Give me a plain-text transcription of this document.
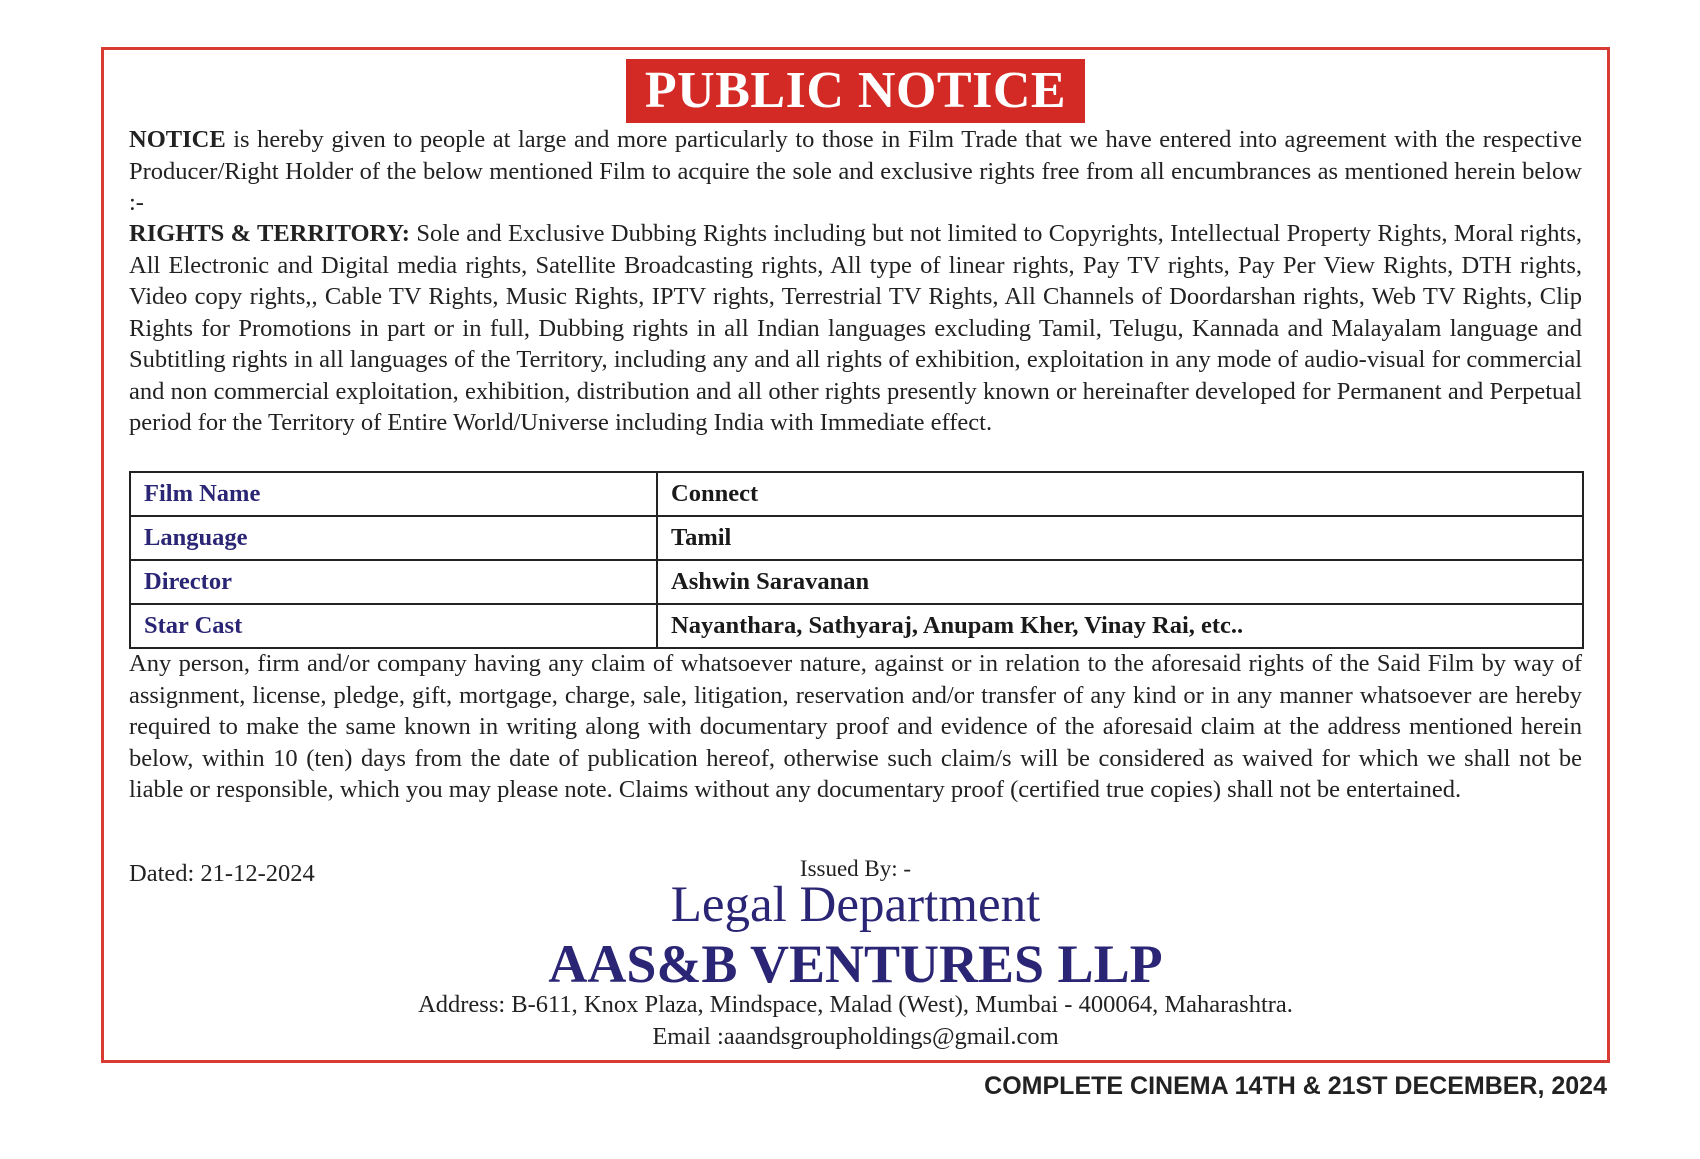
PUBLIC NOTICE

NOTICE is hereby given to people at large and more particularly to those in Film Trade that we have entered into agreement with the respective Producer/Right Holder of the below mentioned Film to acquire the sole and exclusive rights free from all encumbrances as mentioned herein below :-

RIGHTS & TERRITORY: Sole and Exclusive Dubbing Rights including but not limited to Copyrights, Intellectual Property Rights, Moral rights, All Electronic and Digital media rights, Satellite Broadcasting rights, All type of linear rights, Pay TV rights, Pay Per View Rights, DTH rights, Video copy rights,, Cable TV Rights, Music Rights, IPTV rights, Terrestrial TV Rights, All Channels of Doordarshan rights, Web TV Rights, Clip Rights for Promotions in part or in full, Dubbing rights in all Indian languages excluding Tamil, Telugu, Kannada and Malayalam language and Subtitling rights in all languages of the Territory, including any and all rights of exhibition, exploitation in any mode of audio-visual for commercial and non commercial exploitation, exhibition, distribution and all other rights presently known or hereinafter developed for Permanent and Perpetual period for the Territory of Entire World/Universe including India with Immediate effect.

Film Name	Connect
Language	Tamil
Director	Ashwin Saravanan
Star Cast	Nayanthara, Sathyaraj, Anupam Kher, Vinay Rai, etc..

Any person, firm and/or company having any claim of whatsoever nature, against or in relation to the aforesaid rights of the Said Film by way of assignment, license, pledge, gift, mortgage, charge, sale, litigation, reservation and/or transfer of any kind or in any manner whatsoever are hereby required to make the same known in writing along with documentary proof and evidence of the aforesaid claim at the address mentioned herein below, within 10 (ten) days from the date of publication hereof, otherwise such claim/s will be considered as waived for which we shall not be liable or responsible, which you may please note. Claims without any documentary proof (certified true copies) shall not be entertained.

Dated: 21-12-2024	Issued By: -
Legal Department
AAS&B VENTURES LLP
Address: B-611, Knox Plaza, Mindspace, Malad (West), Mumbai - 400064, Maharashtra.
Email :aaandsgroupholdings@gmail.com
COMPLETE CINEMA 14TH & 21ST DECEMBER, 2024
